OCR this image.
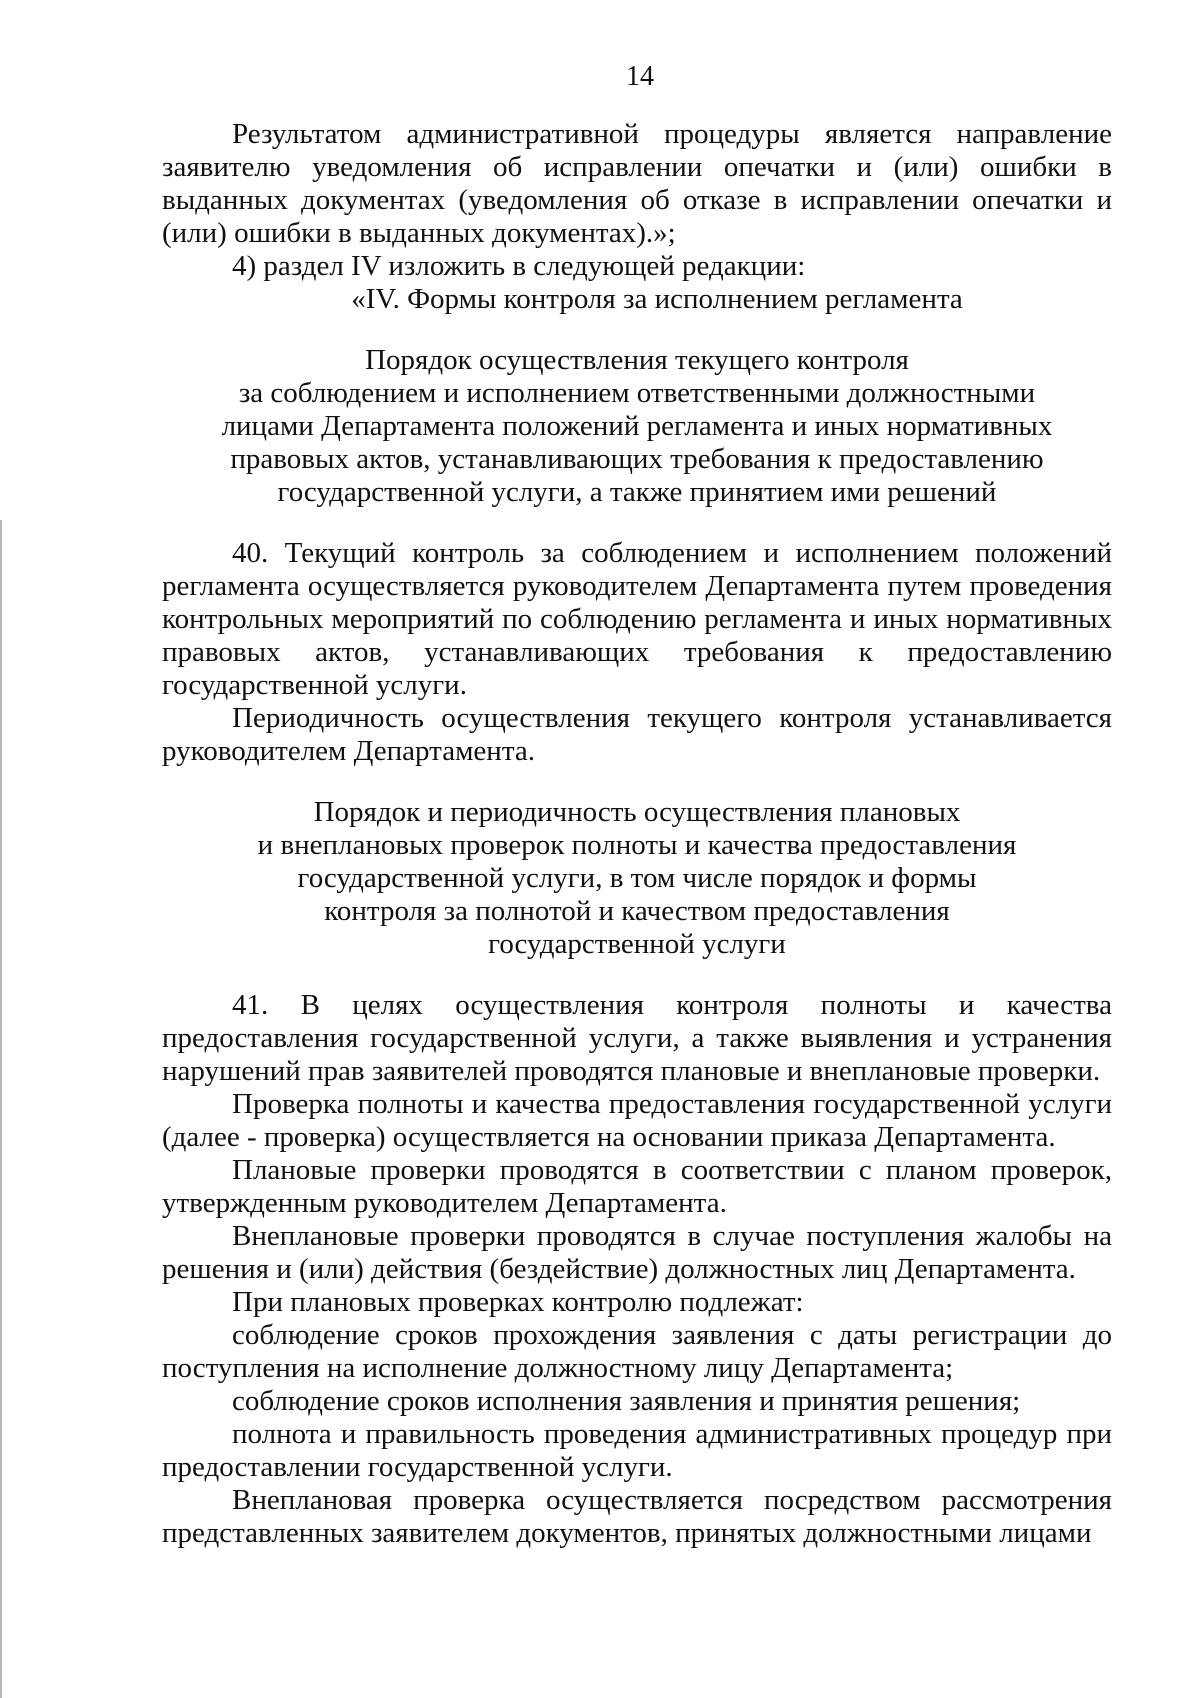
14

Результатом административной процедуры является направление заявителю уведомления об исправлении опечатки и (или) ошибки в выданных документах (уведомления об отказе в исправлении опечатки и (или) ошибки в выданных документах).»;

4) раздел IV изложить в следующей редакции:

«IV. Формы контроля за исполнением регламента

Порядок осуществления текущего контроля
за соблюдением и исполнением ответственными должностными
лицами Департамента положений регламента и иных нормативных
правовых актов, устанавливающих требования к предоставлению
государственной услуги, а также принятием ими решений

40. Текущий контроль за соблюдением и исполнением положений регламента осуществляется руководителем Департамента путем проведения контрольных мероприятий по соблюдению регламента и иных нормативных правовых актов, устанавливающих требования к предоставлению государственной услуги.

Периодичность осуществления текущего контроля устанавливается руководителем Департамента.

Порядок и периодичность осуществления плановых
и внеплановых проверок полноты и качества предоставления
государственной услуги, в том числе порядок и формы
контроля за полнотой и качеством предоставления
государственной услуги

41. В целях осуществления контроля полноты и качества предоставления государственной услуги, а также выявления и устранения нарушений прав заявителей проводятся плановые и внеплановые проверки.

Проверка полноты и качества предоставления государственной услуги (далее - проверка) осуществляется на основании приказа Департамента.

Плановые проверки проводятся в соответствии с планом проверок, утвержденным руководителем Департамента.

Внеплановые проверки проводятся в случае поступления жалобы на решения и (или) действия (бездействие) должностных лиц Департамента.

При плановых проверках контролю подлежат:

соблюдение сроков прохождения заявления с даты регистрации до поступления на исполнение должностному лицу Департамента;

соблюдение сроков исполнения заявления и принятия решения;

полнота и правильность проведения административных процедур при предоставлении государственной услуги.

Внеплановая проверка осуществляется посредством рассмотрения представленных заявителем документов, принятых должностными лицами
